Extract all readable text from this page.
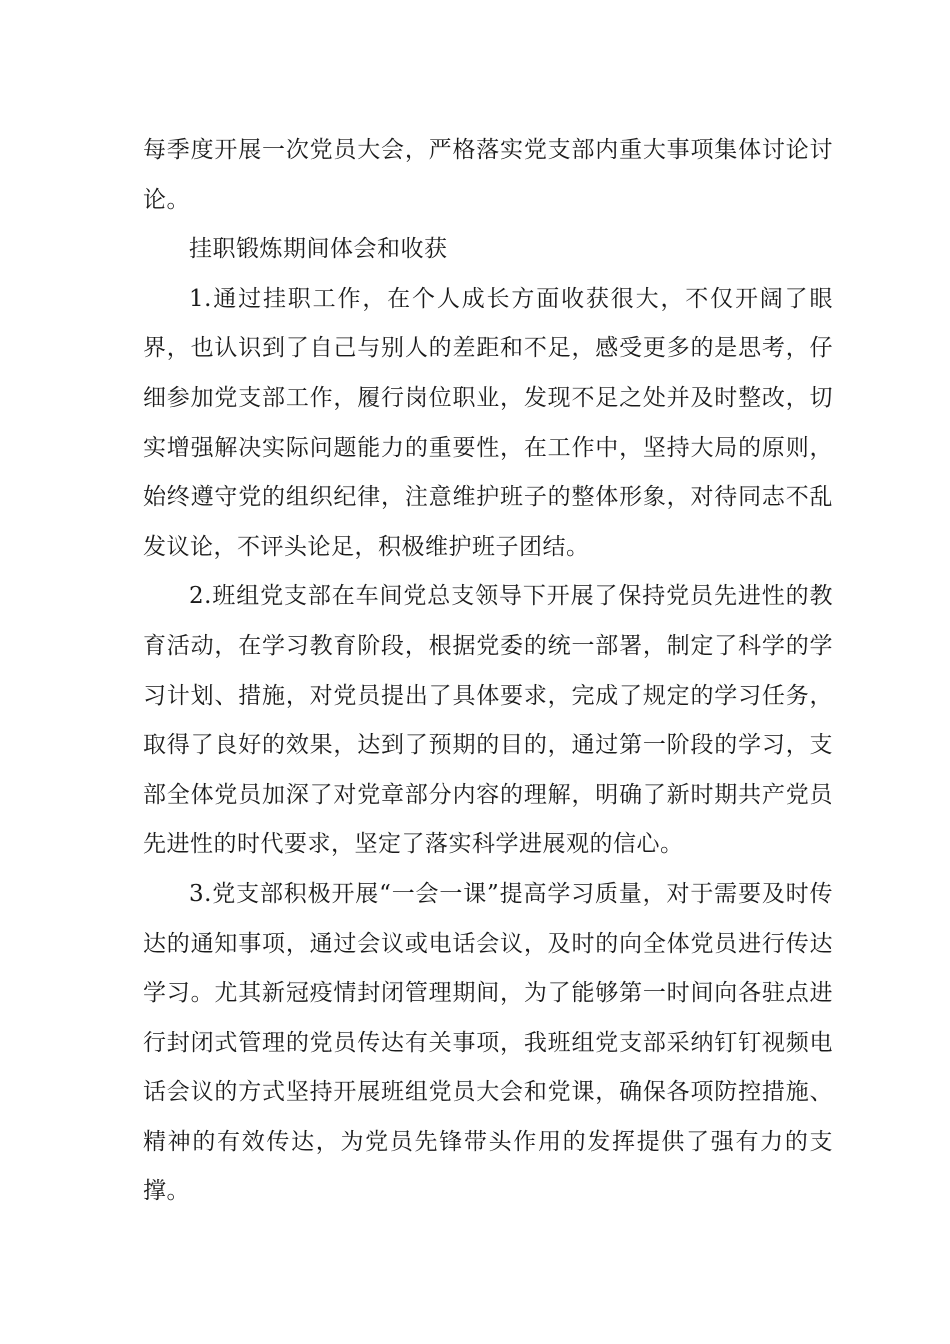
每季度开展一次党员大会，严格落实党支部内重大事项集体讨论讨论。

挂职锻炼期间体会和收获

1.通过挂职工作，在个人成长方面收获很大，不仅开阔了眼界，也认识到了自己与别人的差距和不足，感受更多的是思考，仔细参加党支部工作，履行岗位职业，发现不足之处并及时整改，切实增强解决实际问题能力的重要性，在工作中，坚持大局的原则，始终遵守党的组织纪律，注意维护班子的整体形象，对待同志不乱发议论，不评头论足，积极维护班子团结。

2.班组党支部在车间党总支领导下开展了保持党员先进性的教育活动，在学习教育阶段，根据党委的统一部署，制定了科学的学习计划、措施，对党员提出了具体要求，完成了规定的学习任务，取得了良好的效果，达到了预期的目的，通过第一阶段的学习，支部全体党员加深了对党章部分内容的理解，明确了新时期共产党员先进性的时代要求，坚定了落实科学进展观的信心。

3.党支部积极开展“一会一课”提高学习质量，对于需要及时传达的通知事项，通过会议或电话会议，及时的向全体党员进行传达学习。尤其新冠疫情封闭管理期间，为了能够第一时间向各驻点进行封闭式管理的党员传达有关事项，我班组党支部采纳钉钉视频电话会议的方式坚持开展班组党员大会和党课，确保各项防控措施、精神的有效传达，为党员先锋带头作用的发挥提供了强有力的支撑。
